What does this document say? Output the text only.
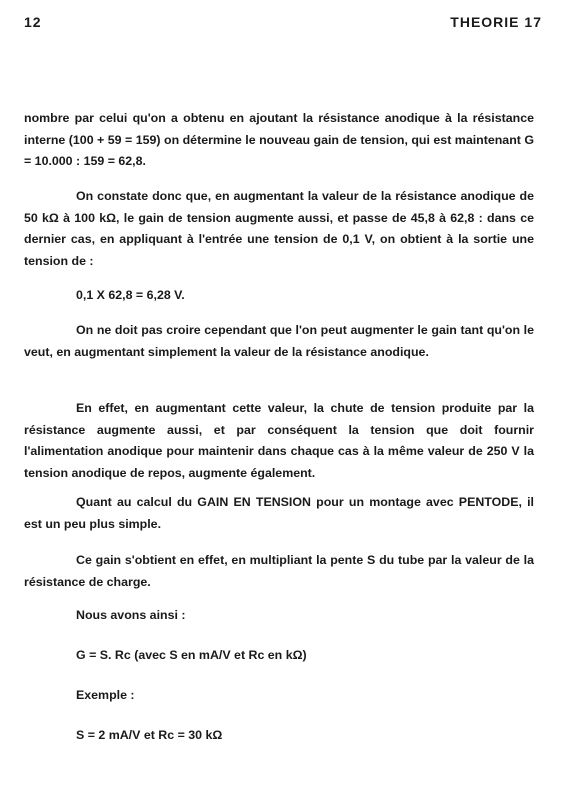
12	THEORIE 17

nombre par celui qu'on a obtenu en ajoutant la résistance anodique à la résistance interne (100 + 59 = 159) on détermine le nouveau gain de tension, qui est maintenant G = 10.000 : 159 = 62,8.

On constate donc que, en augmentant la valeur de la résistance anodique de 50 kΩ à 100 kΩ, le gain de tension augmente aussi, et passe de 45,8 à 62,8 : dans ce dernier cas, en appliquant à l'entrée une tension de 0,1 V, on obtient à la sortie une tension de :

0,1 X 62,8 = 6,28 V.

On ne doit pas croire cependant que l'on peut augmenter le gain tant qu'on le veut, en augmentant simplement la valeur de la résistance anodique.

En effet, en augmentant cette valeur, la chute de tension produite par la résistance augmente aussi, et par conséquent la tension que doit fournir l'alimentation anodique pour maintenir dans chaque cas à la même valeur de 250 V la tension anodique de repos, augmente également.

Quant au calcul du GAIN EN TENSION pour un montage avec PENTODE, il est un peu plus simple.

Ce gain s'obtient en effet, en multipliant la pente S du tube par la valeur de la résistance de charge.

Nous avons ainsi :

G = S. Rc (avec S en mA/V et Rc en kΩ)

Exemple :

S = 2 mA/V et Rc = 30 kΩ
